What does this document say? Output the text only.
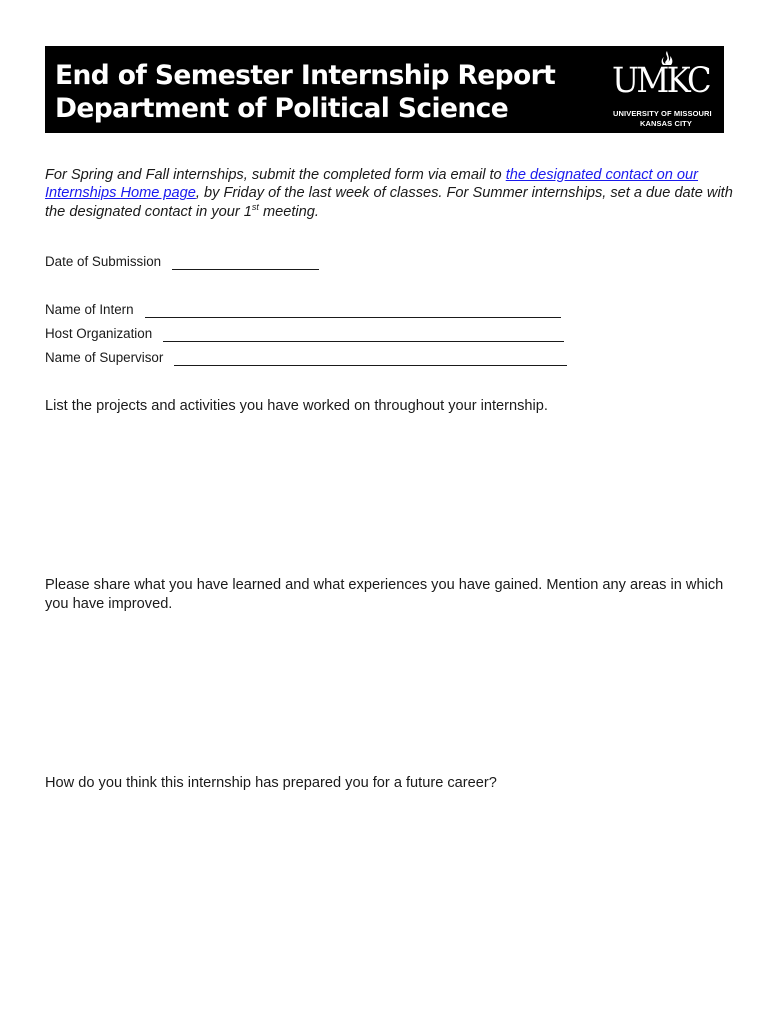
End of Semester Internship Report
Department of Political Science
UMKC
UNIVERSITY OF MISSOURI
KANSAS CITY
For Spring and Fall internships, submit the completed form via email to the designated contact on our
Internships Home page, by Friday of the last week of classes. For Summer internships, set a due date with the designated contact in your 1st meeting.
Date of Submission
Name of Intern
Host Organization
Name of Supervisor
List the projects and activities you have worked on throughout your internship.
Please share what you have learned and what experiences you have gained. Mention any areas in which you have improved.
How do you think this internship has prepared you for a future career?
